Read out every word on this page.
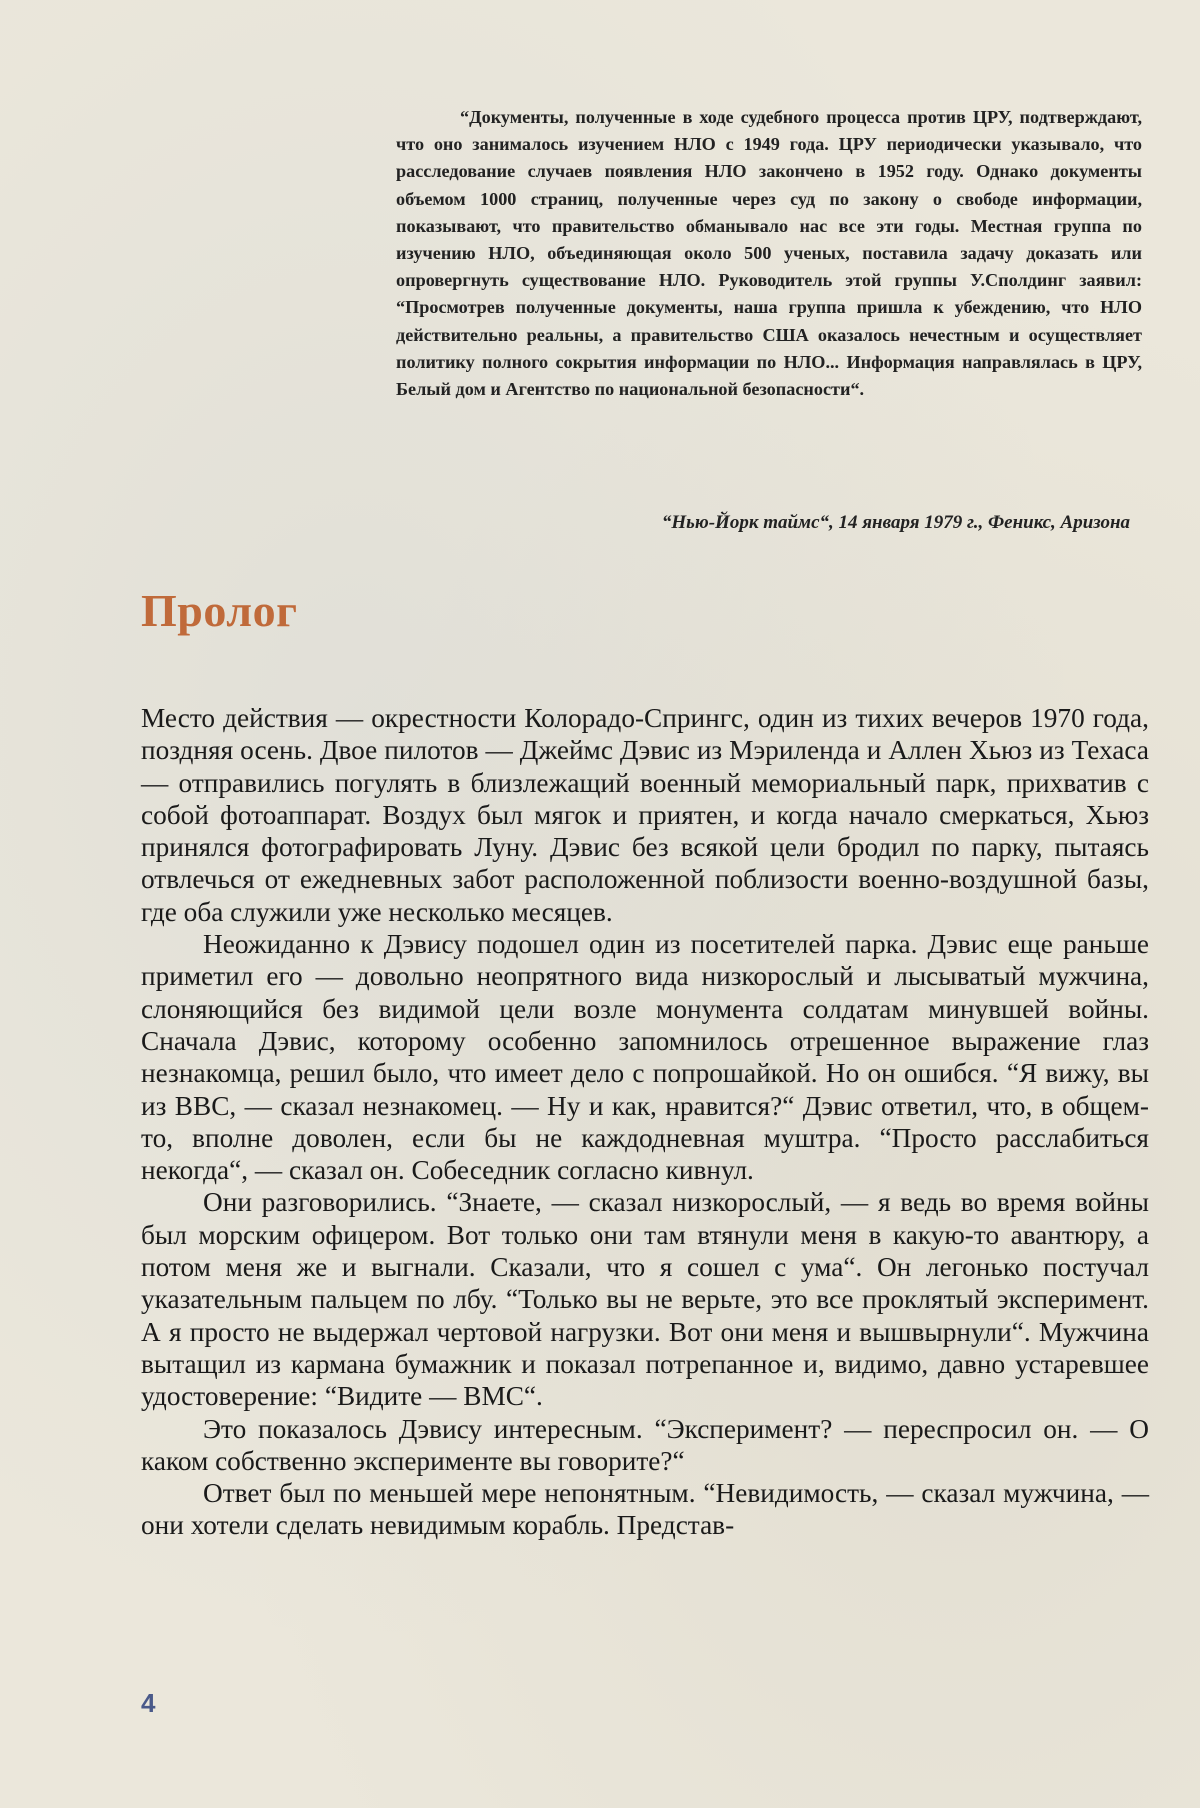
“Документы, полученные в ходе судебного процесса против ЦРУ, подтверждают, что оно занималось изучением НЛО с 1949 года. ЦРУ периодически указывало, что расследование случаев появления НЛО закончено в 1952 году. Однако документы объемом 1000 страниц, полученные через суд по закону о свободе информации, показывают, что правительство обманывало нас все эти годы. Местная группа по изучению НЛО, объединяющая около 500 ученых, поставила задачу доказать или опровергнуть существование НЛО. Руководитель этой группы У.Сполдинг заявил: “Просмотрев полученные документы, наша группа пришла к убеждению, что НЛО действительно реальны, а правительство США оказалось нечестным и осуществляет политику полного сокрытия информации по НЛО... Информация направлялась в ЦРУ, Белый дом и Агентство по национальной безопасности“.

“Нью-Йорк таймс“, 14 января 1979 г., Феникс, Аризона
Пролог

Место действия — окрестности Колорадо-Спрингс, один из тихих вечеров 1970 года, поздняя осень. Двое пилотов — Джеймс Дэвис из Мэриленда и Аллен Хьюз из Техаса — отправились погулять в близлежащий военный мемориальный парк, прихватив с собой фотоаппарат. Воздух был мягок и приятен, и когда начало смеркаться, Хьюз принялся фотографировать Луну. Дэвис без всякой цели бродил по парку, пытаясь отвлечься от ежедневных забот расположенной поблизости военно-воздушной базы, где оба служили уже несколько месяцев.

Неожиданно к Дэвису подошел один из посетителей парка. Дэвис еще раньше приметил его — довольно неопрятного вида низкорослый и лысыватый мужчина, слоняющийся без видимой цели возле монумента солдатам минувшей войны. Сначала Дэвис, которому особенно запомнилось отрешенное выражение глаз незнакомца, решил было, что имеет дело с попрошайкой. Но он ошибся. “Я вижу, вы из ВВС, — сказал незнакомец. — Ну и как, нравится?“ Дэвис ответил, что, в общем-то, вполне доволен, если бы не каждодневная муштра. “Просто расслабиться некогда“, — сказал он. Собеседник согласно кивнул.

Они разговорились. “Знаете, — сказал низкорослый, — я ведь во время войны был морским офицером. Вот только они там втянули меня в какую-то авантюру, а потом меня же и выгнали. Сказали, что я сошел с ума“. Он легонько постучал указательным пальцем по лбу. “Только вы не верьте, это все проклятый эксперимент. А я просто не выдержал чертовой нагрузки. Вот они меня и вышвырнули“. Мужчина вытащил из кармана бумажник и показал потрепанное и, видимо, давно устаревшее удостоверение: “Видите — ВМС“.

Это показалось Дэвису интересным. “Эксперимент? — переспросил он. — О каком собственно эксперименте вы говорите?“

Ответ был по меньшей мере непонятным. “Невидимость, — сказал мужчина, — они хотели сделать невидимым корабль. Представ-

4
